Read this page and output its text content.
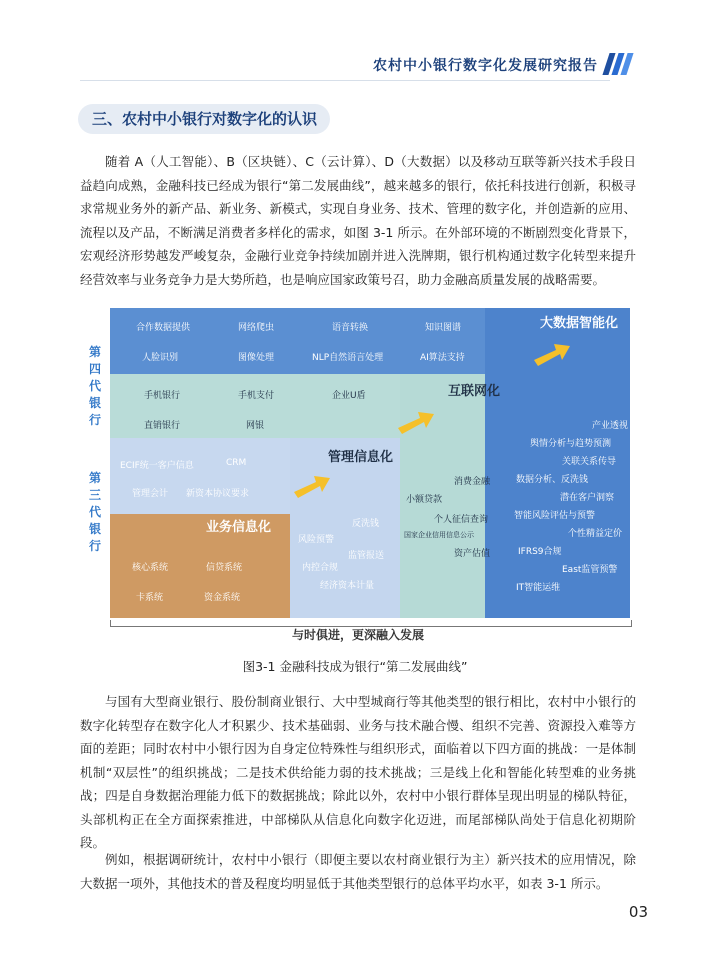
农村中小银行数字化发展研究报告
三、农村中小银行对数字化的认识

随着 A（人工智能）、B（区块链）、C（云计算）、D（大数据）以及移动互联等新兴技术手段日益趋向成熟，金融科技已经成为银行“第二发展曲线”，越来越多的银行，依托科技进行创新，积极寻求常规业务外的新产品、新业务、新模式，实现自身业务、技术、管理的数字化，并创造新的应用、流程以及产品，不断满足消费者多样化的需求，如图 3-1 所示。在外部环境的不断剧烈变化背景下，宏观经济形势越发严峻复杂，金融行业竞争持续加剧并进入洗牌期，银行机构通过数字化转型来提升经营效率与业务竞争力是大势所趋，也是响应国家政策号召，助力金融高质量发展的战略需要。

第四代银行
第三代银行
合作数据提供	网络爬虫	语音转换	知识图谱
人脸识别	图像处理	NLP自然语言处理	AI算法支持
大数据智能化
手机银行	手机支付	企业U盾
直销银行	网银
互联网化
ECIF统一客户信息	CRM
管理会计 新资本协议要求
管理信息化
风险预警
反洗钱
内控合规
监管报送
经济资本计量
业务信息化
核心系统	信贷系统
卡系统	资金系统
消费金融
小额贷款
个人征信查询
国家企业信用信息公示
资产估值
产业透视
舆情分析与趋势预测
关联关系传导
数据分析、反洗钱
潜在客户洞察
智能风险评估与预警
个性精益定价
IFRS9合规
East监管预警
IT智能运维
与时俱进，更深融入发展
图3-1 金融科技成为银行“第二发展曲线”

与国有大型商业银行、股份制商业银行、大中型城商行等其他类型的银行相比，农村中小银行的数字化转型存在数字化人才积累少、技术基础弱、业务与技术融合慢、组织不完善、资源投入难等方面的差距；同时农村中小银行因为自身定位特殊性与组织形式，面临着以下四方面的挑战：一是体制机制“双层性”的组织挑战；二是技术供给能力弱的技术挑战；三是线上化和智能化转型难的业务挑战；四是自身数据治理能力低下的数据挑战；除此以外，农村中小银行群体呈现出明显的梯队特征，头部机构正在全方面探索推进，中部梯队从信息化向数字化迈进，而尾部梯队尚处于信息化初期阶段。

例如，根据调研统计，农村中小银行（即便主要以农村商业银行为主）新兴技术的应用情况，除大数据一项外，其他技术的普及程度均明显低于其他类型银行的总体平均水平，如表 3-1 所示。

03
